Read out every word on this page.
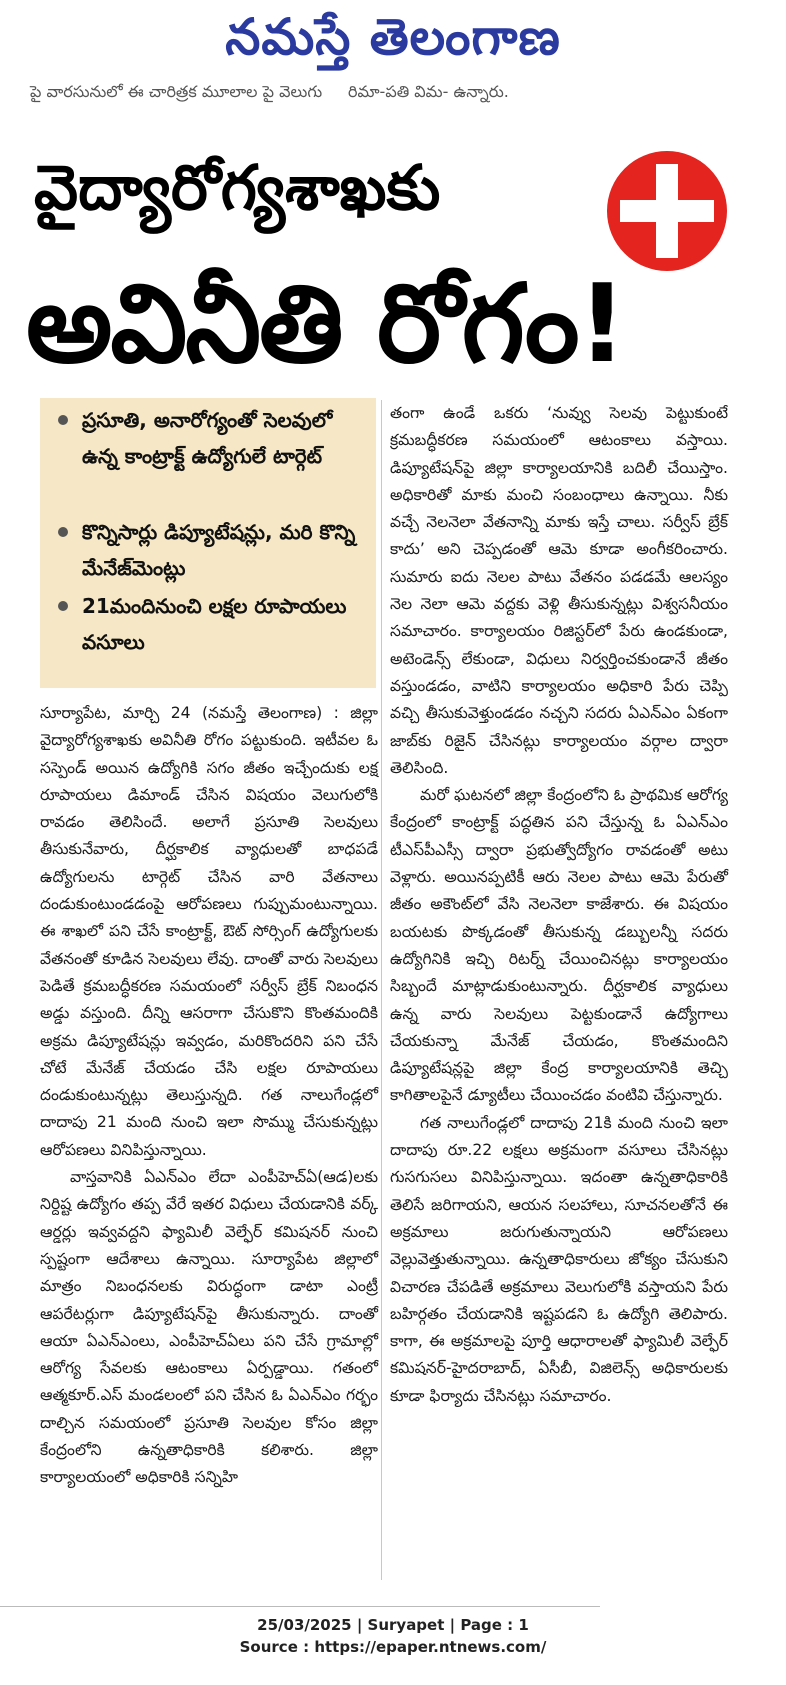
నమస్తే తెలంగాణ
పై వారసునులో ఈ చారిత్రక మూలాల పై వెలుగు రిమా-పతి విమ- ఉన్నారు.
వైద్యారోగ్యశాఖకు
అవినీతి రోగం!
ప్రసూతి, అనారోగ్యంతో సెలవులో ఉన్న కాంట్రాక్ట్ ఉద్యోగులే టార్గెట్
కొన్నిసార్లు డిప్యూటేషన్లు, మరి కొన్ని మేనేజ్‌మెంట్లు
21మందినుంచి లక్షల రూపాయలు వసూలు

సూర్యాపేట, మార్చి 24 (నమస్తే తెలంగాణ) : జిల్లా వైద్యారోగ్యశాఖకు అవినీతి రోగం పట్టుకుంది. ఇటీవల ఓ సస్పెండ్ అయిన ఉద్యోగికి సగం జీతం ఇచ్చేందుకు లక్ష రూపాయలు డిమాండ్ చేసిన విషయం వెలుగులోకి రావడం తెలిసిందే. అలాగే ప్రసూతి సెలవులు తీసుకునేవారు, దీర్ఘకాలిక వ్యాధులతో బాధపడే ఉద్యోగులను టార్గెట్ చేసిన వారి వేతనాలు దండుకుంటుండడంపై ఆరోపణలు గుప్పుమంటున్నాయి. ఈ శాఖలో పని చేసే కాంట్రాక్ట్, ఔట్ సోర్సింగ్ ఉద్యోగులకు వేతనంతో కూడిన సెలవులు లేవు. దాంతో వారు సెలవులు పెడితే క్రమబద్ధీకరణ సమయంలో సర్వీస్ బ్రేక్ నిబంధన అడ్డు వస్తుంది. దీన్ని ఆసరాగా చేసుకొని కొంతమందికి అక్రమ డిప్యూటేషన్లు ఇవ్వడం, మరికొందరిని పని చేసే చోటే మేనేజ్ చేయడం చేసి లక్షల రూపాయలు దండుకుంటున్నట్లు తెలుస్తున్నది. గత నాలుగేండ్లలో దాదాపు 21 మంది నుంచి ఇలా సొమ్ము చేసుకున్నట్లు ఆరోపణలు వినిపిస్తున్నాయి.

వాస్తవానికి ఏఎన్ఎం లేదా ఎంపీహెచ్ఏ(ఆడ)లకు నిర్దిష్ట ఉద్యోగం తప్ప వేరే ఇతర విధులు చేయడానికి వర్క్ ఆర్డర్లు ఇవ్వవద్దని ఫ్యామిలీ వెల్ఫేర్ కమిషనర్ నుంచి స్పష్టంగా ఆదేశాలు ఉన్నాయి. సూర్యాపేట జిల్లాలో మాత్రం నిబంధనలకు విరుద్ధంగా డాటా ఎంట్రీ ఆపరేటర్లుగా డిప్యూటేషన్‌పై తీసుకున్నారు. దాంతో ఆయా ఏఎన్ఎంలు, ఎంపీహెచ్ఏలు పని చేసే గ్రామాల్లో ఆరోగ్య సేవలకు ఆటంకాలు ఏర్పడ్డాయి. గతంలో ఆత్మకూర్.ఎస్ మండలంలో పని చేసిన ఓ ఏఎన్ఎం గర్భం దాల్చిన సమయంలో ప్రసూతి సెలవుల కోసం జిల్లా కేంద్రంలోని ఉన్నతాధికారికి కలిశారు. జిల్లా కార్యాలయంలో అధికారికి సన్నిహి

తంగా ఉండే ఒకరు ‘నువ్వు సెలవు పెట్టుకుంటే క్రమబద్ధీకరణ సమయంలో ఆటంకాలు వస్తాయి. డిప్యూటేషన్‌పై జిల్లా కార్యాలయానికి బదిలీ చేయిస్తాం. అధికారితో మాకు మంచి సంబంధాలు ఉన్నాయి. నీకు వచ్చే నెలనెలా వేతనాన్ని మాకు ఇస్తే చాలు. సర్వీస్ బ్రేక్ కాదు’ అని చెప్పడంతో ఆమె కూడా అంగీకరించారు. సుమారు ఐదు నెలల పాటు వేతనం పడడమే ఆలస్యం నెల నెలా ఆమె వద్దకు వెళ్లి తీసుకున్నట్లు విశ్వసనీయం సమాచారం. కార్యాలయం రిజిస్టర్‌లో పేరు ఉండకుండా, అటెండెన్స్ లేకుండా, విధులు నిర్వర్తించకుండానే జీతం వస్తుండడం, వాటిని కార్యాలయం అధికారి పేరు చెప్పి వచ్చి తీసుకువెళ్తుండడం నచ్చని సదరు ఏఎన్ఎం ఏకంగా జాబ్‌కు రిజైన్ చేసినట్లు కార్యాలయం వర్గాల ద్వారా తెలిసింది.

మరో ఘటనలో జిల్లా కేంద్రంలోని ఓ ప్రాథమిక ఆరోగ్య కేంద్రంలో కాంట్రాక్ట్ పద్ధతిన పని చేస్తున్న ఓ ఏఎన్ఎం టీఎస్‌పీఎస్సీ ద్వారా ప్రభుత్వోద్యోగం రావడంతో అటు వెళ్లారు. అయినప్పటికీ ఆరు నెలల పాటు ఆమె పేరుతో జీతం అకౌంట్‌లో వేసి నెలనెలా కాజేశారు. ఈ విషయం బయటకు పొక్కడంతో తీసుకున్న డబ్బులన్నీ సదరు ఉద్యోగినికి ఇచ్చి రిటర్న్ చేయించినట్లు కార్యాలయం సిబ్బందే మాట్లాడుకుంటున్నారు. దీర్ఘకాలిక వ్యాధులు ఉన్న వారు సెలవులు పెట్టకుండానే ఉద్యోగాలు చేయకున్నా మేనేజ్ చేయడం, కొంతమందిని డిప్యూటేషన్లపై జిల్లా కేంద్ర కార్యాలయానికి తెచ్చి కాగితాలపైనే డ్యూటీలు చేయించడం వంటివి చేస్తున్నారు.

గత నాలుగేండ్లలో దాదాపు 21కి మంది నుంచి ఇలా దాదాపు రూ.22 లక్షలు అక్రమంగా వసూలు చేసినట్లు గుసగుసలు వినిపిస్తున్నాయి. ఇదంతా ఉన్నతాధికారికి తెలిసే జరిగాయని, ఆయన సలహాలు, సూచనలతోనే ఈ అక్రమాలు జరుగుతున్నాయని ఆరోపణలు వెల్లువెత్తుతున్నాయి. ఉన్నతాధికారులు జోక్యం చేసుకుని విచారణ చేపడితే అక్రమాలు వెలుగులోకి వస్తాయని పేరు బహిర్గతం చేయడానికి ఇష్టపడని ఓ ఉద్యోగి తెలిపారు. కాగా, ఈ అక్రమాలపై పూర్తి ఆధారాలతో ఫ్యామిలీ వెల్ఫేర్ కమిషనర్-హైదరాబాద్, ఏసీబీ, విజిలెన్స్ అధికారులకు కూడా ఫిర్యాదు చేసినట్లు సమాచారం.

25/03/2025 | Suryapet | Page : 1
Source : https://epaper.ntnews.com/
